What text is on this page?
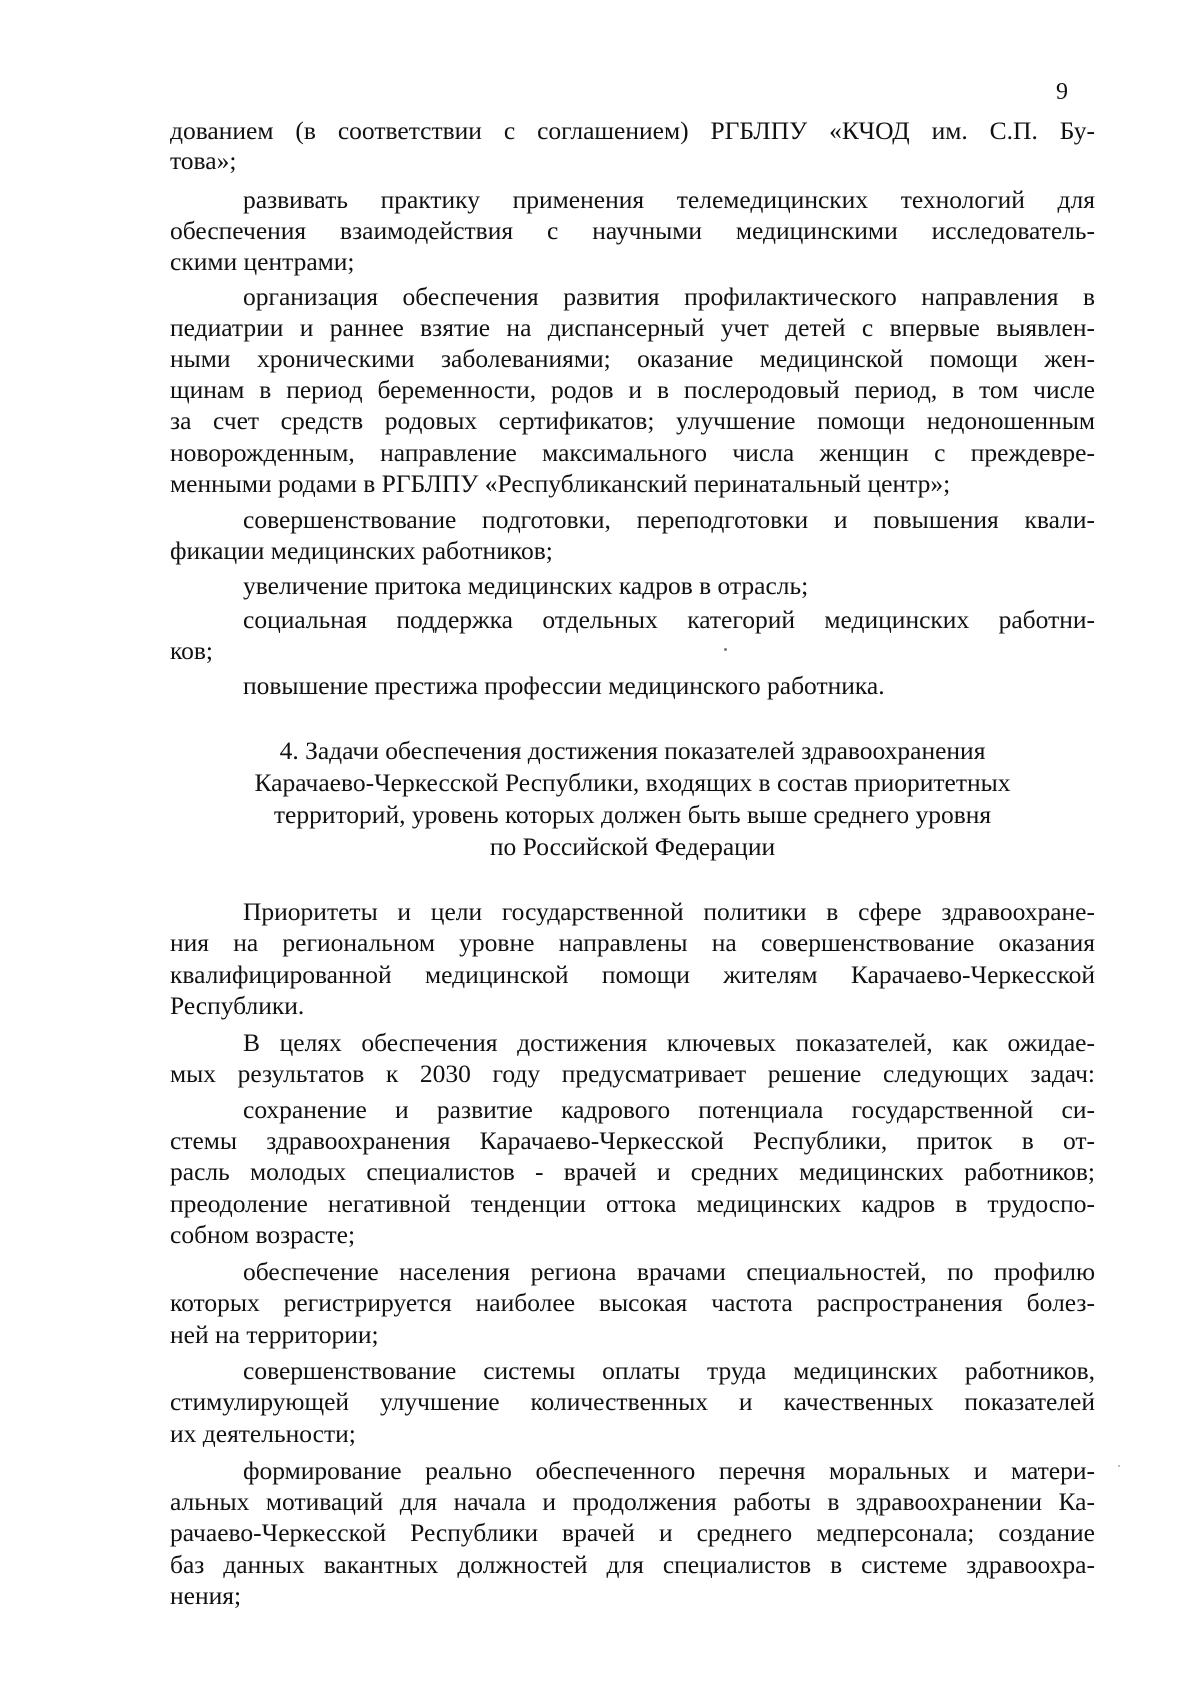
9
дованием (в соответствии с соглашением) РГБЛПУ «КЧОД им. С.П. Бу-
това»;
развивать практику применения телемедицинских технологий для
обеспечения взаимодействия с научными медицинскими исследователь-
скими центрами;
организация обеспечения развития профилактического направления в
педиатрии и раннее взятие на диспансерный учет детей с впервые выявлен-
ными хроническими заболеваниями; оказание медицинской помощи жен-
щинам в период беременности, родов и в послеродовый период, в том числе
за счет средств родовых сертификатов; улучшение помощи недоношенным
новорожденным, направление максимального числа женщин с преждевре-
менными родами в РГБЛПУ «Республиканский перинатальный центр»;
совершенствование подготовки, переподготовки и повышения квали-
фикации медицинских работников;
увеличение притока медицинских кадров в отрасль;
социальная поддержка отдельных категорий медицинских работни-
ков;
повышение престижа профессии медицинского работника.
4. Задачи обеспечения достижения показателей здравоохранения
Карачаево-Черкесской Республики, входящих в состав приоритетных
территорий, уровень которых должен быть выше среднего уровня
по Российской Федерации
Приоритеты и цели государственной политики в сфере здравоохране-
ния на региональном уровне направлены на совершенствование оказания
квалифицированной медицинской помощи жителям Карачаево-Черкесской
Республики.
В целях обеспечения достижения ключевых показателей, как ожидае-
мых результатов к 2030 году предусматривает решение следующих задач:
сохранение и развитие кадрового потенциала государственной си-
стемы здравоохранения Карачаево-Черкесской Республики, приток в от-
расль молодых специалистов - врачей и средних медицинских работников;
преодоление негативной тенденции оттока медицинских кадров в трудоспо-
собном возрасте;
обеспечение населения региона врачами специальностей, по профилю
которых регистрируется наиболее высокая частота распространения болез-
ней на территории;
совершенствование системы оплаты труда медицинских работников,
стимулирующей улучшение количественных и качественных показателей
их деятельности;
формирование реально обеспеченного перечня моральных и матери-
альных мотиваций для начала и продолжения работы в здравоохранении Ка-
рачаево-Черкесской Республики врачей и среднего медперсонала; создание
баз данных вакантных должностей для специалистов в системе здравоохра-
нения;
